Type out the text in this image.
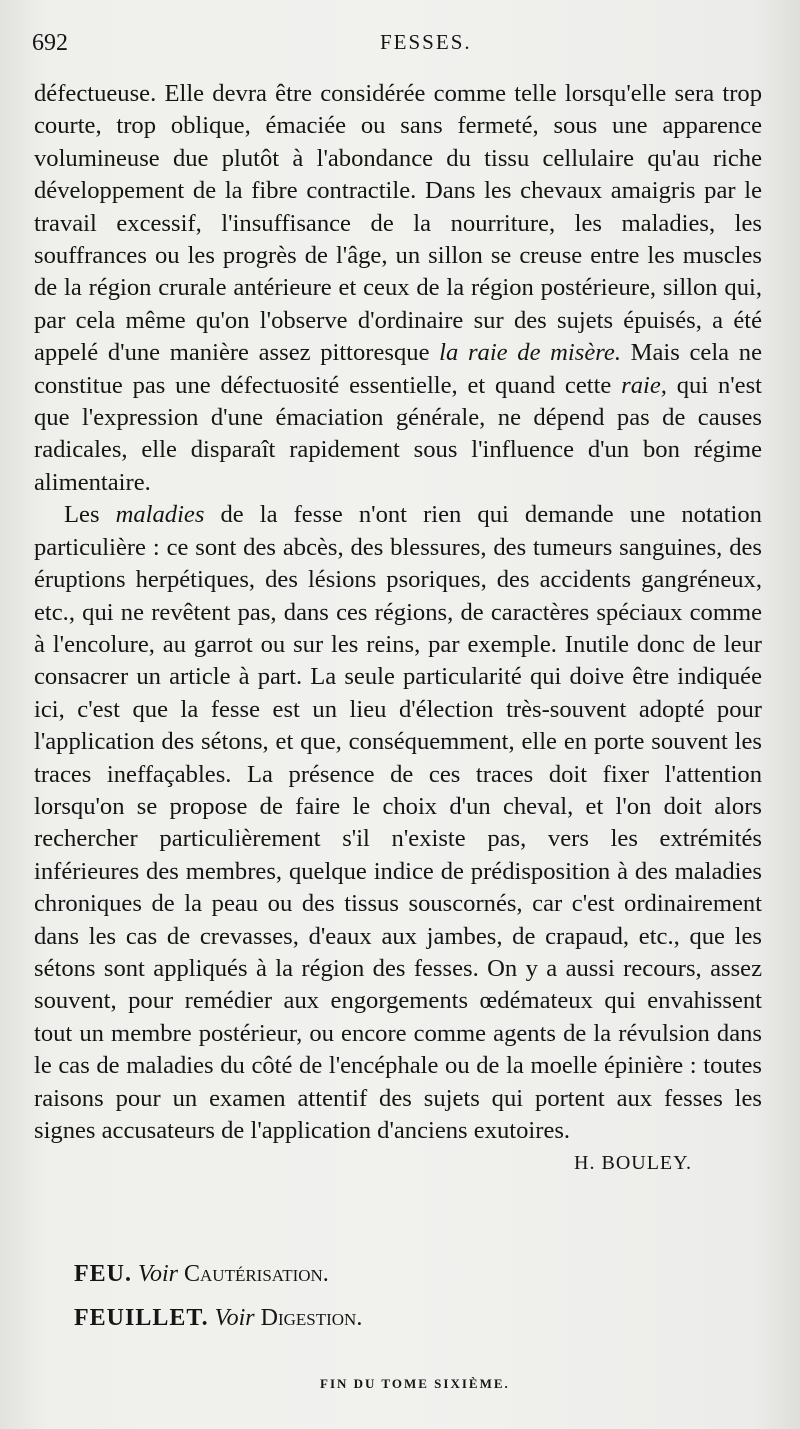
692	FESSES.

défectueuse. Elle devra être considérée comme telle lorsqu'elle sera trop courte, trop oblique, émaciée ou sans fermeté, sous une apparence volumineuse due plutôt à l'abondance du tissu cellulaire qu'au riche développement de la fibre contractile. Dans les chevaux amaigris par le travail excessif, l'insuffisance de la nourriture, les maladies, les souffrances ou les progrès de l'âge, un sillon se creuse entre les muscles de la région crurale antérieure et ceux de la région postérieure, sillon qui, par cela même qu'on l'observe d'ordinaire sur des sujets épuisés, a été appelé d'une manière assez pittoresque la raie de misère. Mais cela ne constitue pas une défectuosité essentielle, et quand cette raie, qui n'est que l'expression d'une émaciation générale, ne dépend pas de causes radicales, elle disparaît rapidement sous l'influence d'un bon régime alimentaire.

Les maladies de la fesse n'ont rien qui demande une notation particulière : ce sont des abcès, des blessures, des tumeurs sanguines, des éruptions herpétiques, des lésions psoriques, des accidents gangréneux, etc., qui ne revêtent pas, dans ces régions, de caractères spéciaux comme à l'encolure, au garrot ou sur les reins, par exemple. Inutile donc de leur consacrer un article à part. La seule particularité qui doive être indiquée ici, c'est que la fesse est un lieu d'élection très-souvent adopté pour l'application des sétons, et que, conséquemment, elle en porte souvent les traces ineffaçables. La présence de ces traces doit fixer l'attention lorsqu'on se propose de faire le choix d'un cheval, et l'on doit alors rechercher particulièrement s'il n'existe pas, vers les extrémités inférieures des membres, quelque indice de prédisposition à des maladies chroniques de la peau ou des tissus souscornés, car c'est ordinairement dans les cas de crevasses, d'eaux aux jambes, de crapaud, etc., que les sétons sont appliqués à la région des fesses. On y a aussi recours, assez souvent, pour remédier aux engorgements œdémateux qui envahissent tout un membre postérieur, ou encore comme agents de la révulsion dans le cas de maladies du côté de l'encéphale ou de la moelle épinière : toutes raisons pour un examen attentif des sujets qui portent aux fesses les signes accusateurs de l'application d'anciens exutoires.

H. BOULEY.

FEU. Voir Cautérisation.

FEUILLET. Voir Digestion.

FIN DU TOME SIXIÈME.
